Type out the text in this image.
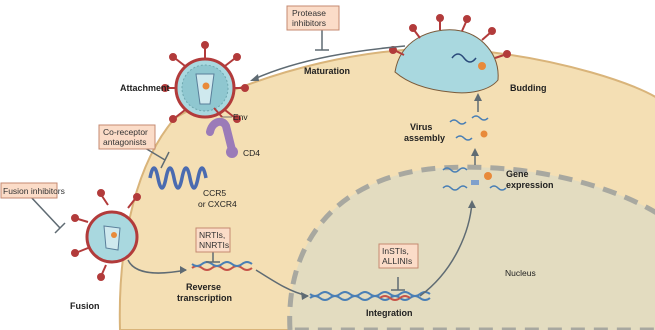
Protease
inhibitors
Co-receptor
antagonists
Fusion inhibitors
NRTIs,
NNRTIs
InSTIs,
ALLINIs
Attachment
Fusion
Reverse
transcription
Integration
Gene
expression
Virus
assembly
Budding
Maturation
Env
CD4
CCR5
or CXCR4
Nucleus
